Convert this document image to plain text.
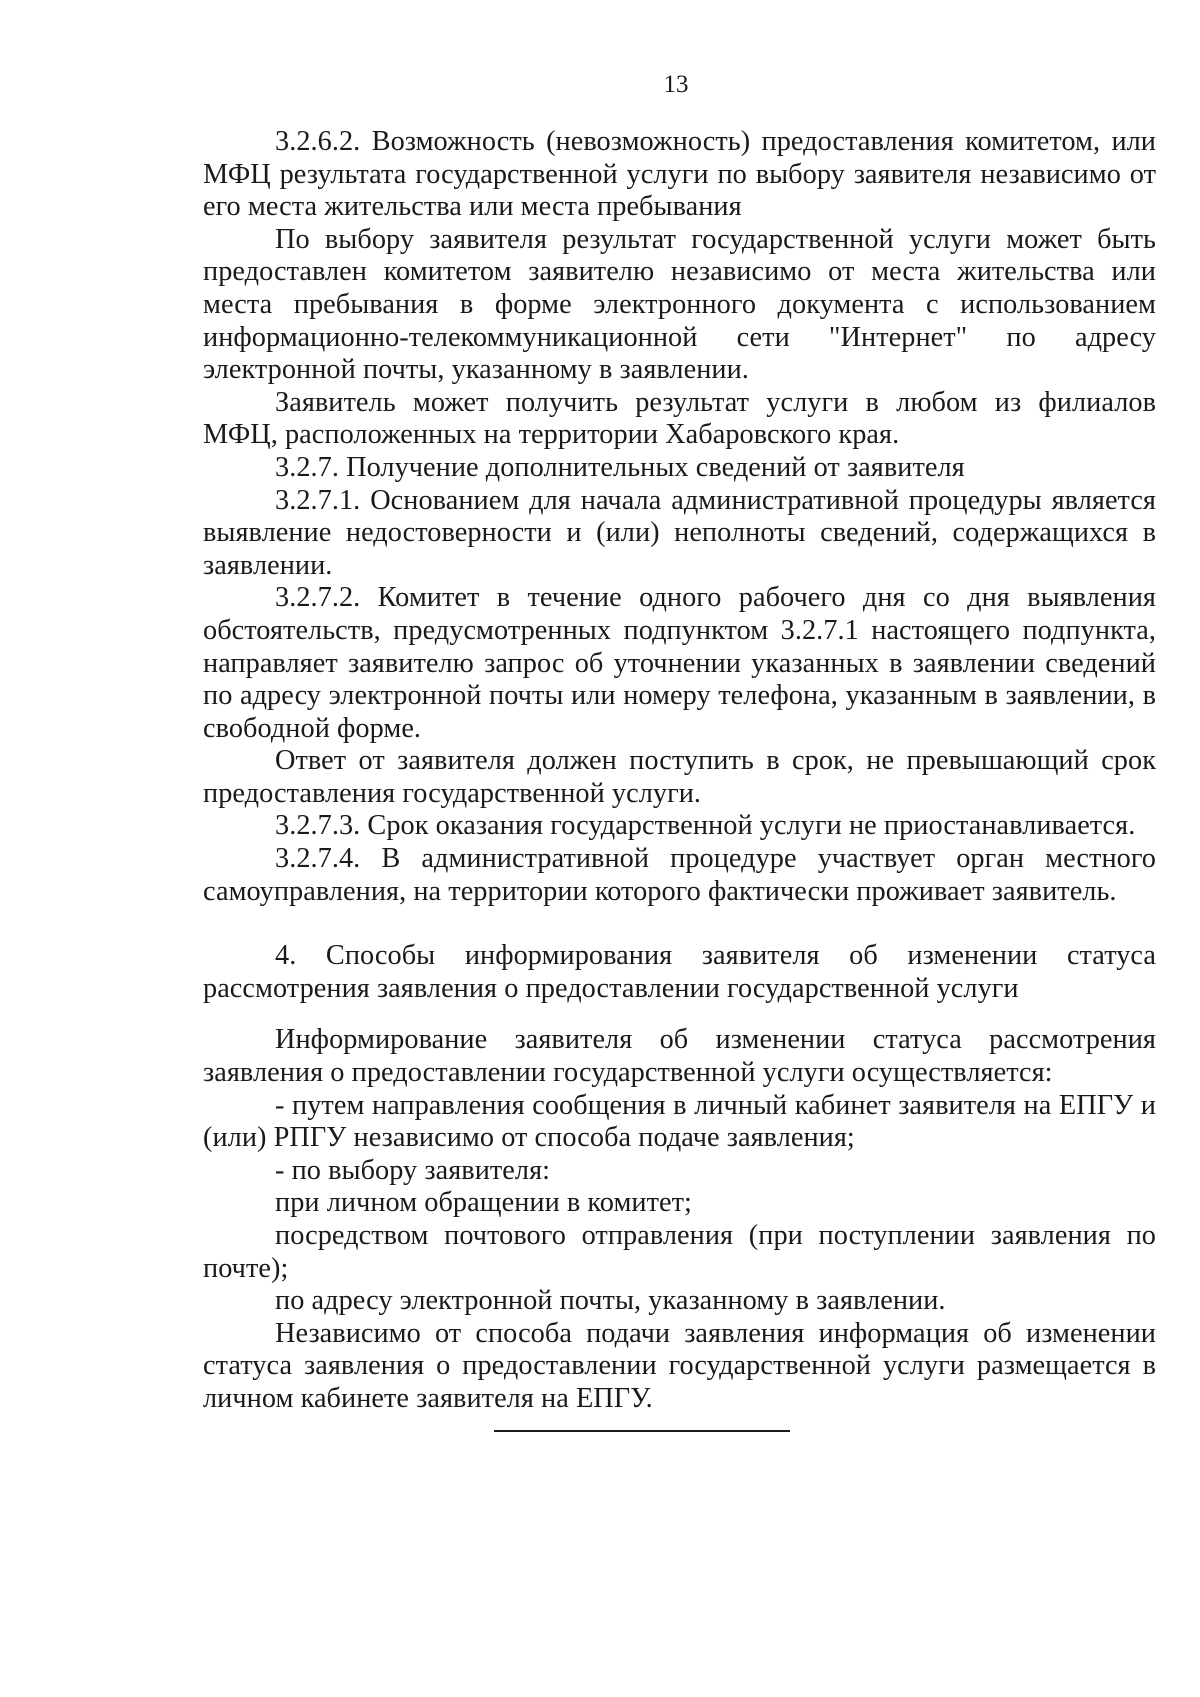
13

3.2.6.2. Возможность (невозможность) предоставления комитетом, или МФЦ результата государственной услуги по выбору заявителя независимо от его места жительства или места пребывания

По выбору заявителя результат государственной услуги может быть предоставлен комитетом заявителю независимо от места жительства или места пребывания в форме электронного документа с использованием информационно-телекоммуникационной сети "Интернет" по адресу электронной почты, указанному в заявлении.

Заявитель может получить результат услуги в любом из филиалов МФЦ, расположенных на территории Хабаровского края.

3.2.7. Получение дополнительных сведений от заявителя

3.2.7.1. Основанием для начала административной процедуры является выявление недостоверности и (или) неполноты сведений, содержащихся в заявлении.

3.2.7.2. Комитет в течение одного рабочего дня со дня выявления обстоятельств, предусмотренных подпунктом 3.2.7.1 настоящего подпункта, направляет заявителю запрос об уточнении указанных в заявлении сведений по адресу электронной почты или номеру телефона, указанным в заявлении, в свободной форме.

Ответ от заявителя должен поступить в срок, не превышающий срок предоставления государственной услуги.

3.2.7.3. Срок оказания государственной услуги не приостанавливается.

3.2.7.4. В административной процедуре участвует орган местного самоуправления, на территории которого фактически проживает заявитель.

4. Способы информирования заявителя об изменении статуса рассмотрения заявления о предоставлении государственной услуги

Информирование заявителя об изменении статуса рассмотрения заявления о предоставлении государственной услуги осуществляется:

- путем направления сообщения в личный кабинет заявителя на ЕПГУ и (или) РПГУ независимо от способа подаче заявления;

- по выбору заявителя:

при личном обращении в комитет;

посредством почтового отправления (при поступлении заявления по почте);

по адресу электронной почты, указанному в заявлении.

Независимо от способа подачи заявления информация об изменении статуса заявления о предоставлении государственной услуги размещается в личном кабинете заявителя на ЕПГУ.
